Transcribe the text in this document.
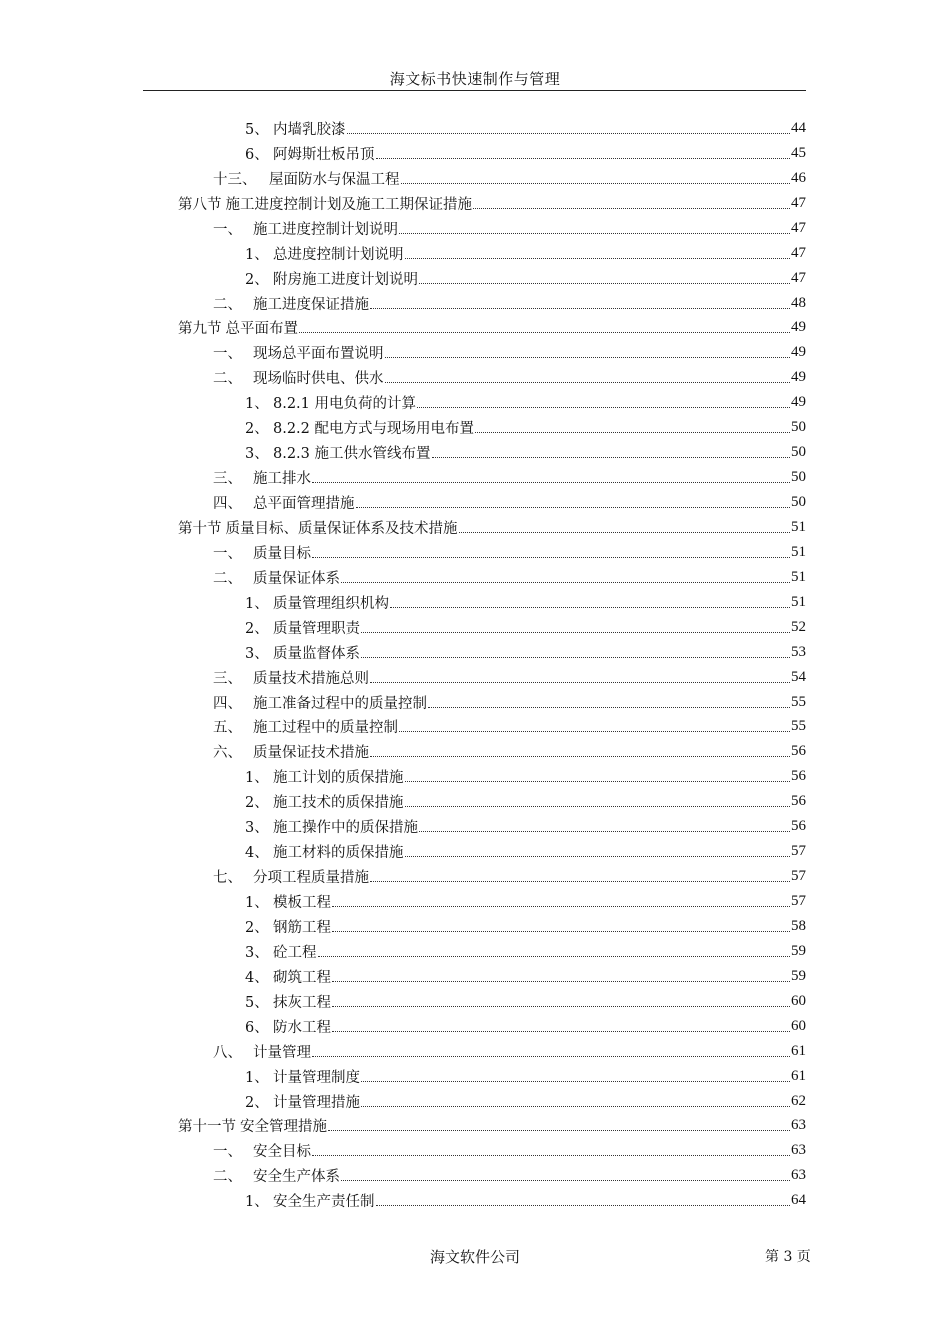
海文标书快速制作与管理
5、 内墙乳胶漆	44
6、 阿姆斯壮板吊顶	45
十三、 屋面防水与保温工程	46
第八节 施工进度控制计划及施工工期保证措施	47
一、 施工进度控制计划说明	47
1、 总进度控制计划说明	47
2、 附房施工进度计划说明	47
二、 施工进度保证措施	48
第九节 总平面布置	49
一、 现场总平面布置说明	49
二、 现场临时供电、供水	49
1、 8.2.1 用电负荷的计算	49
2、 8.2.2 配电方式与现场用电布置	50
3、 8.2.3 施工供水管线布置	50
三、 施工排水	50
四、 总平面管理措施	50
第十节 质量目标、质量保证体系及技术措施	51
一、 质量目标	51
二、 质量保证体系	51
1、 质量管理组织机构	51
2、 质量管理职责	52
3、 质量监督体系	53
三、 质量技术措施总则	54
四、 施工准备过程中的质量控制	55
五、 施工过程中的质量控制	55
六、 质量保证技术措施	56
1、 施工计划的质保措施	56
2、 施工技术的质保措施	56
3、 施工操作中的质保措施	56
4、 施工材料的质保措施	57
七、 分项工程质量措施	57
1、 模板工程	57
2、 钢筋工程	58
3、 砼工程	59
4、 砌筑工程	59
5、 抹灰工程	60
6、 防水工程	60
八、 计量管理	61
1、 计量管理制度	61
2、 计量管理措施	62
第十一节 安全管理措施	63
一、 安全目标	63
二、 安全生产体系	63
1、 安全生产责任制	64
海文软件公司	第 3 页
